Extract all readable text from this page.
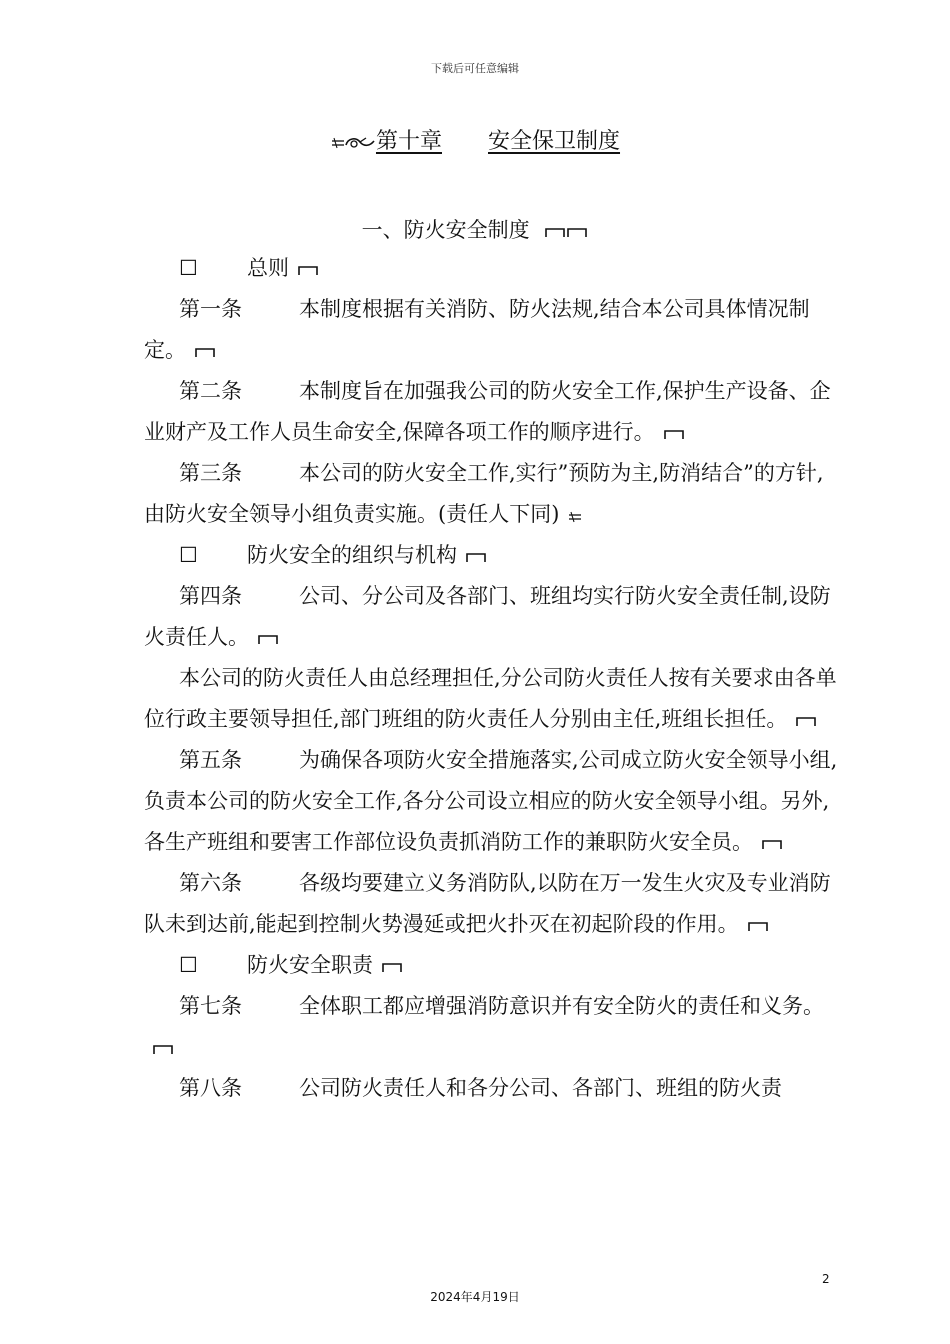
下载后可任意编辑
第十章 安全保卫制度
一、防火安全制度

☐ 总则

第一条	本制度根据有关消防、防火法规,结合本公司具体情况制定。

第二条	本制度旨在加强我公司的防火安全工作,保护生产设备、企业财产及工作人员生命安全,保障各项工作的顺序进行。

第三条	本公司的防火安全工作,实行”预防为主,防消结合”的方针,由防火安全领导小组负责实施。(责任人下同)

☐ 防火安全的组织与机构

第四条	公司、分公司及各部门、班组均实行防火安全责任制,设防火责任人。

本公司的防火责任人由总经理担任,分公司防火责任人按有关要求由各单位行政主要领导担任,部门班组的防火责任人分别由主任,班组长担任。

第五条	为确保各项防火安全措施落实,公司成立防火安全领导小组,负责本公司的防火安全工作,各分公司设立相应的防火安全领导小组。另外,各生产班组和要害工作部位设负责抓消防工作的兼职防火安全员。

第六条	各级均要建立义务消防队,以防在万一发生火灾及专业消防队未到达前,能起到控制火势漫延或把火扑灭在初起阶段的作用。

☐ 防火安全职责

第七条	全体职工都应增强消防意识并有安全防火的责任和义务。

第八条	公司防火责任人和各分公司、各部门、班组的防火责

2
2024年4月19日
